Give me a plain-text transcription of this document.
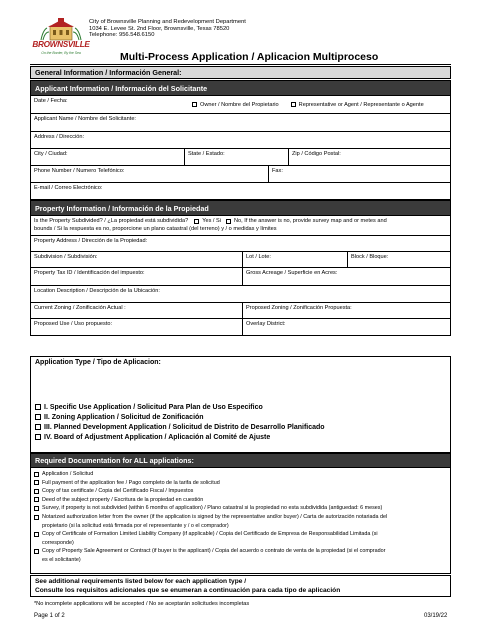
BROWNSVILLE
On the Border, By the Sea
City of Brownsville Planning and Redevelopment Department
1034 E. Levee St. 2nd Floor, Brownsville, Texas 78520
Telephone: 956.548.6150
Multi-Process Application / Aplicacion Multiproceso
General Information / Información General:
Applicant Information / Información del Solicitante
Date / Fecha:
Owner / Nombre del Propietario	Representative or Agent / Representante o Agente
Applicant Name / Nombre del Solicitante:
Address / Dirección:
City / Ciudad:	State / Estado:	Zip / Código Postal:
Phone Number / Numero Telefónico:	Fax:
E-mail / Correo Electrónico:
Property Information / Información de la Propiedad
Is the Property Subdivided? / ¿La propiedad está subdividida?	Yes / Si No, If the answer is no, provide survey map and or metes and
bounds / Si la respuesta es no, proporcione un plano catastral (del terreno) y / o medidas y límites
Property Address / Dirección de la Propiedad:
Subdivision / Subdivisión:	Lot / Lote:	Block / Bloque:
Property Tax ID / Identificación del impuesto:	Gross Acreage / Superficie en Acres:
Location Description / Descripción de la Ubicación:
Current Zoning / Zonificación Actual :	Proposed Zoning / Zonificación Propuesta:
Proposed Use / Uso propuesto:	Overlay District:
Application Type / Tipo de Aplicacion:
I. Specific Use Application / Solicitud Para Plan de Uso Especifico
II. Zoning Application / Solicitud de Zonificación
III. Planned Development Application / Solicitud de Distrito de Desarrollo Planificado
IV. Board of Adjustment Application / Aplicación al Comité de Ajuste
Required Documentation for ALL applications:
Application / Solicitud
Full payment of the application fee / Pago completo de la tarifa de solicitud
Copy of tax certificate / Copia del Certificado Fiscal / Impuestos
Deed of the subject property / Escritura de la propiedad en cuestión
Survey, if property is not subdivided (within 6 months of application) / Plano catastral si la propiedad no esta subdividida (antiguedad: 6 meses)
Notarized authorization letter from the owner (if the application is signed by the representative and/or buyer) / Carta de autorización notariada del
propietario (si la solicitud está firmada por el representante y / o el comprador)
Copy of Certificate of Formation Limited Liability Company (if applicable) / Copia del Certificado de Empresa de Responsabilidad Limitada (si
corresponde)
Copy of Property Sale Agreement or Contract (if buyer is the applicant) / Copia del acuerdo o contrato de venta de la propiedad (si el comprador
es el solicitante)
See additional requirements listed below for each application type /
Consulte los requisitos adicionales que se enumeran a continuación para cada tipo de aplicación
*No incomplete applications will be accepted / No se aceptarán solicitudes incompletas
Page 1 of 2	03/19/22
